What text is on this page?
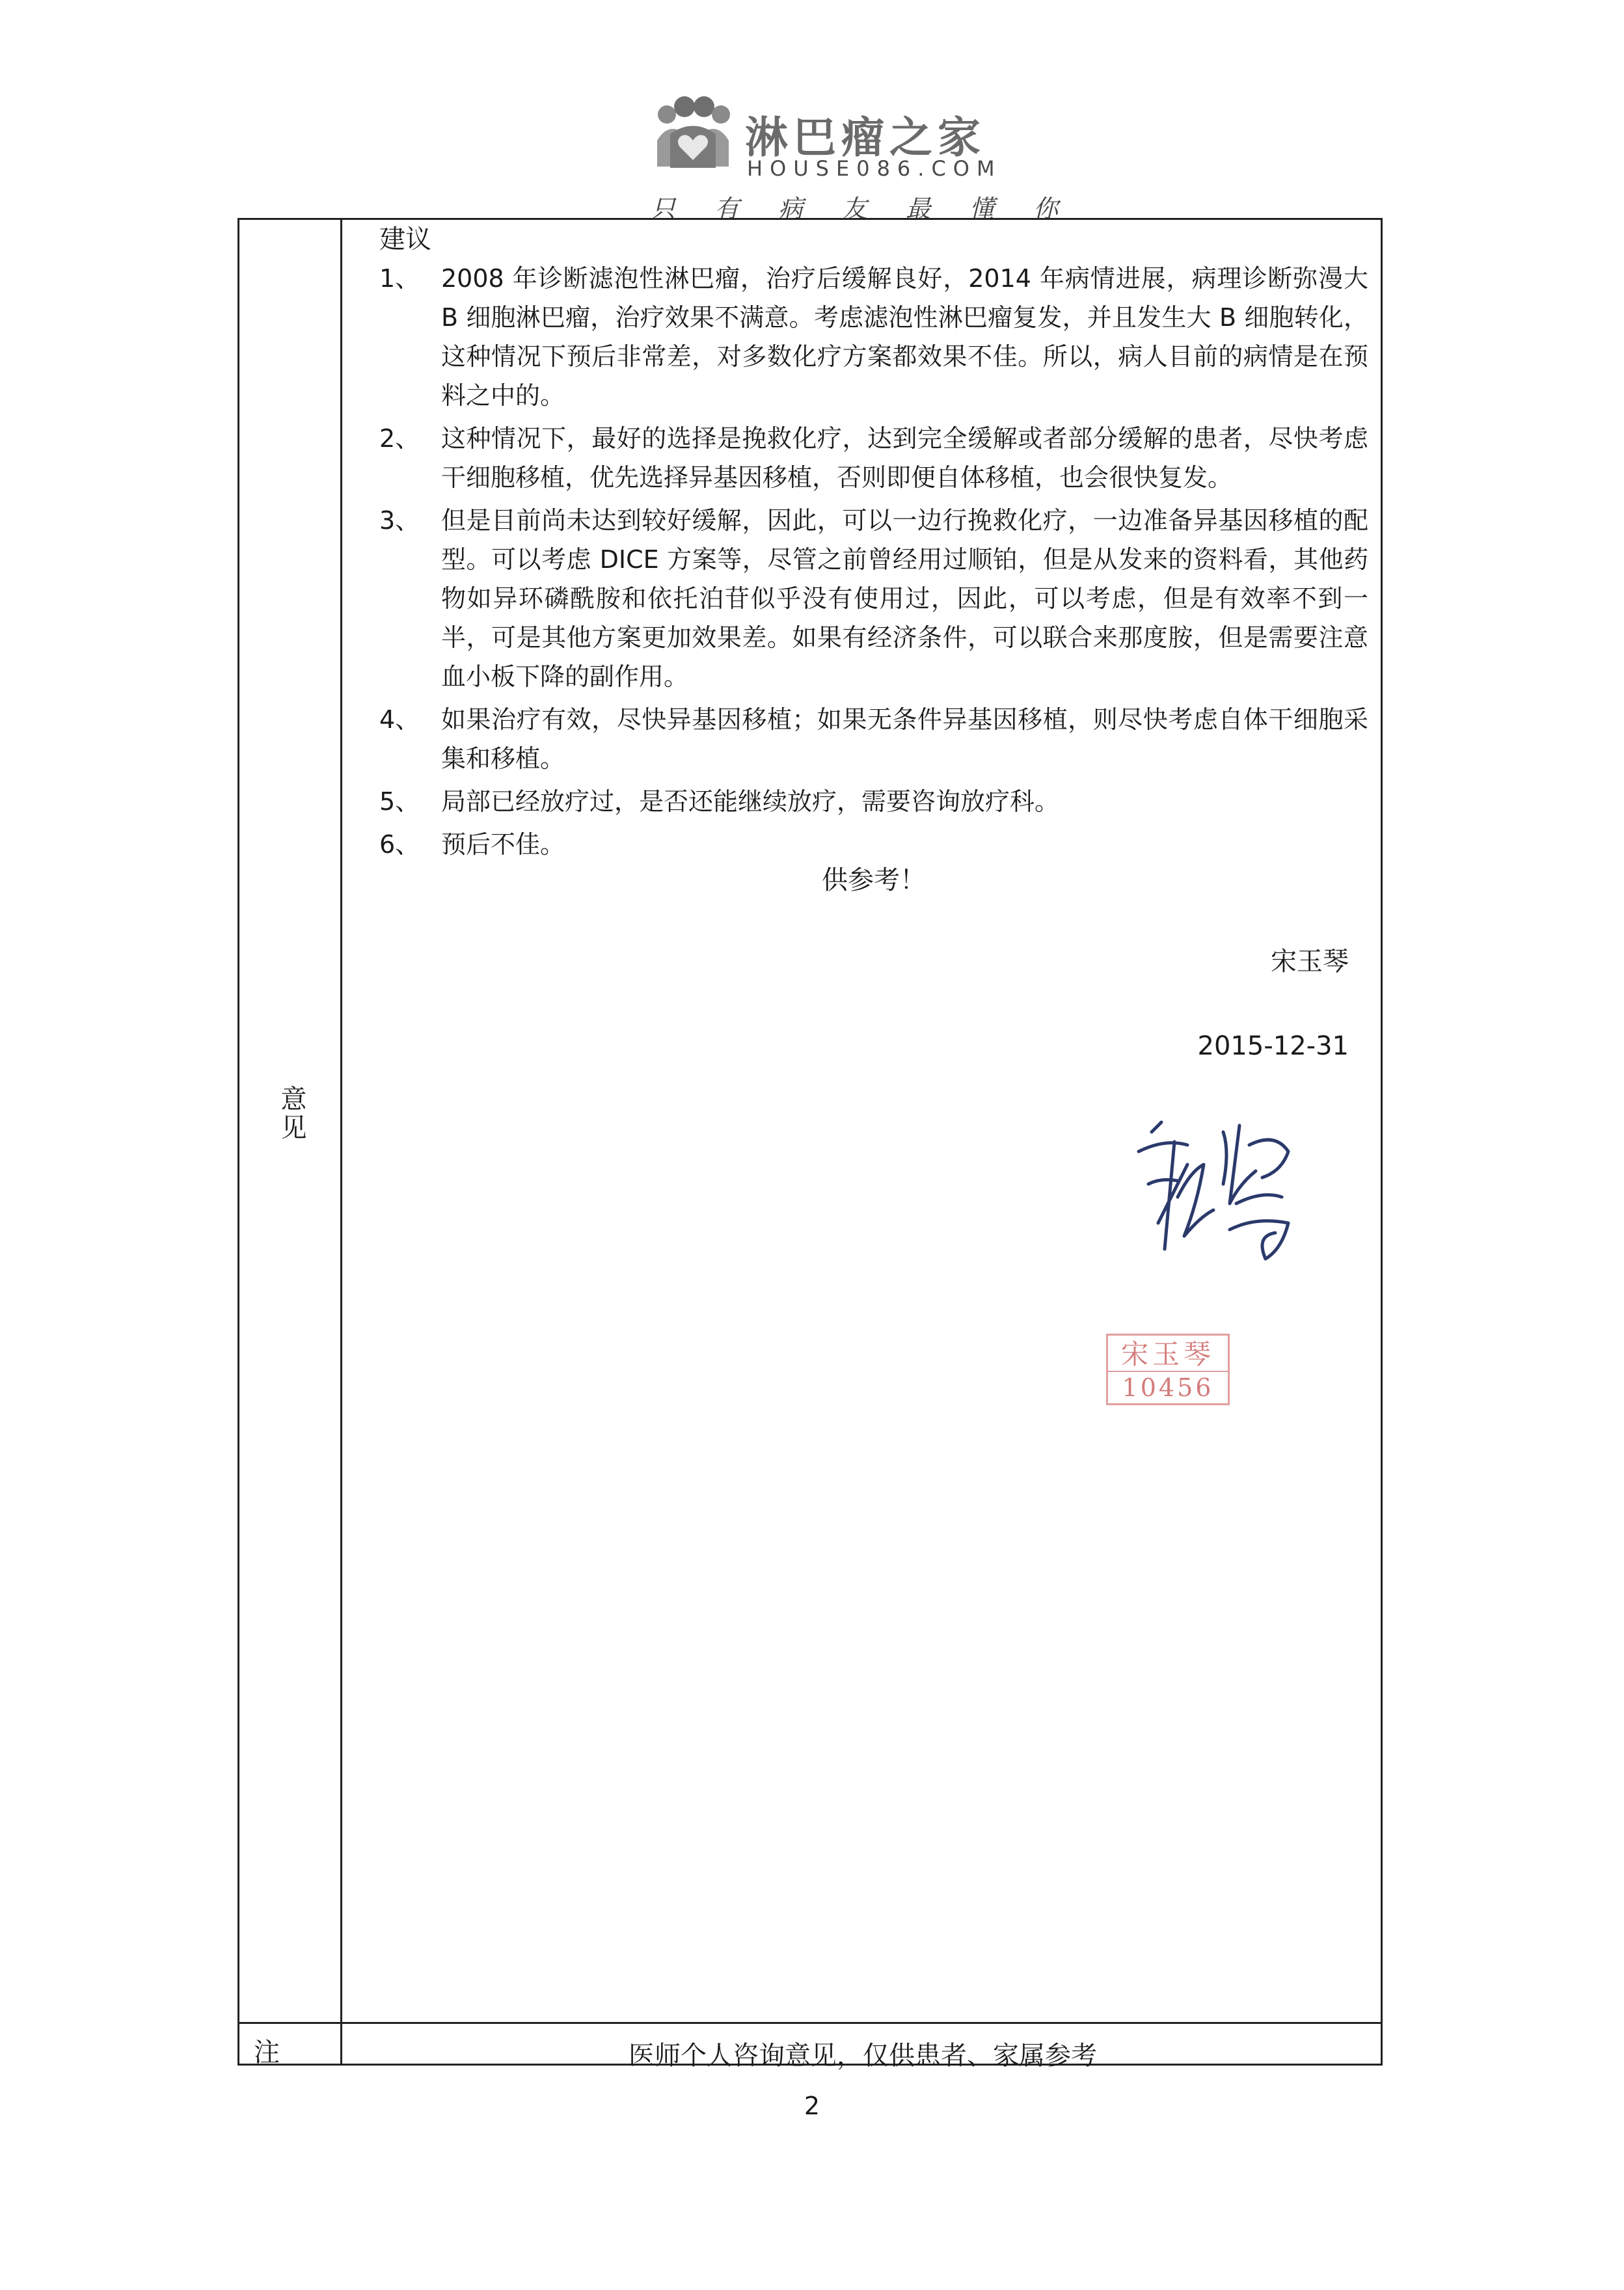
淋巴瘤之家
HOUSE086.COM
只有病友最懂你
意见
建议
1、 2008 年诊断滤泡性淋巴瘤，治疗后缓解良好，2014 年病情进展，病理诊断弥漫大 B 细胞淋巴瘤，治疗效果不满意。考虑滤泡性淋巴瘤复发，并且发生大 B 细胞转化，这种情况下预后非常差，对多数化疗方案都效果不佳。所以，病人目前的病情是在预料之中的。
2、 这种情况下，最好的选择是挽救化疗，达到完全缓解或者部分缓解的患者，尽快考虑干细胞移植，优先选择异基因移植，否则即便自体移植，也会很快复发。
3、 但是目前尚未达到较好缓解，因此，可以一边行挽救化疗，一边准备异基因移植的配型。可以考虑 DICE 方案等，尽管之前曾经用过顺铂，但是从发来的资料看，其他药物如异环磷酰胺和依托泊苷似乎没有使用过，因此，可以考虑，但是有效率不到一半，可是其他方案更加效果差。如果有经济条件，可以联合来那度胺，但是需要注意血小板下降的副作用。
4、 如果治疗有效，尽快异基因移植；如果无条件异基因移植，则尽快考虑自体干细胞采集和移植。
5、 局部已经放疗过，是否还能继续放疗，需要咨询放疗科。
6、 预后不佳。
供参考！
宋玉琴
2015-12-31
注	医师个人咨询意见，仅供患者、家属参考
宋玉琴
10456
2
